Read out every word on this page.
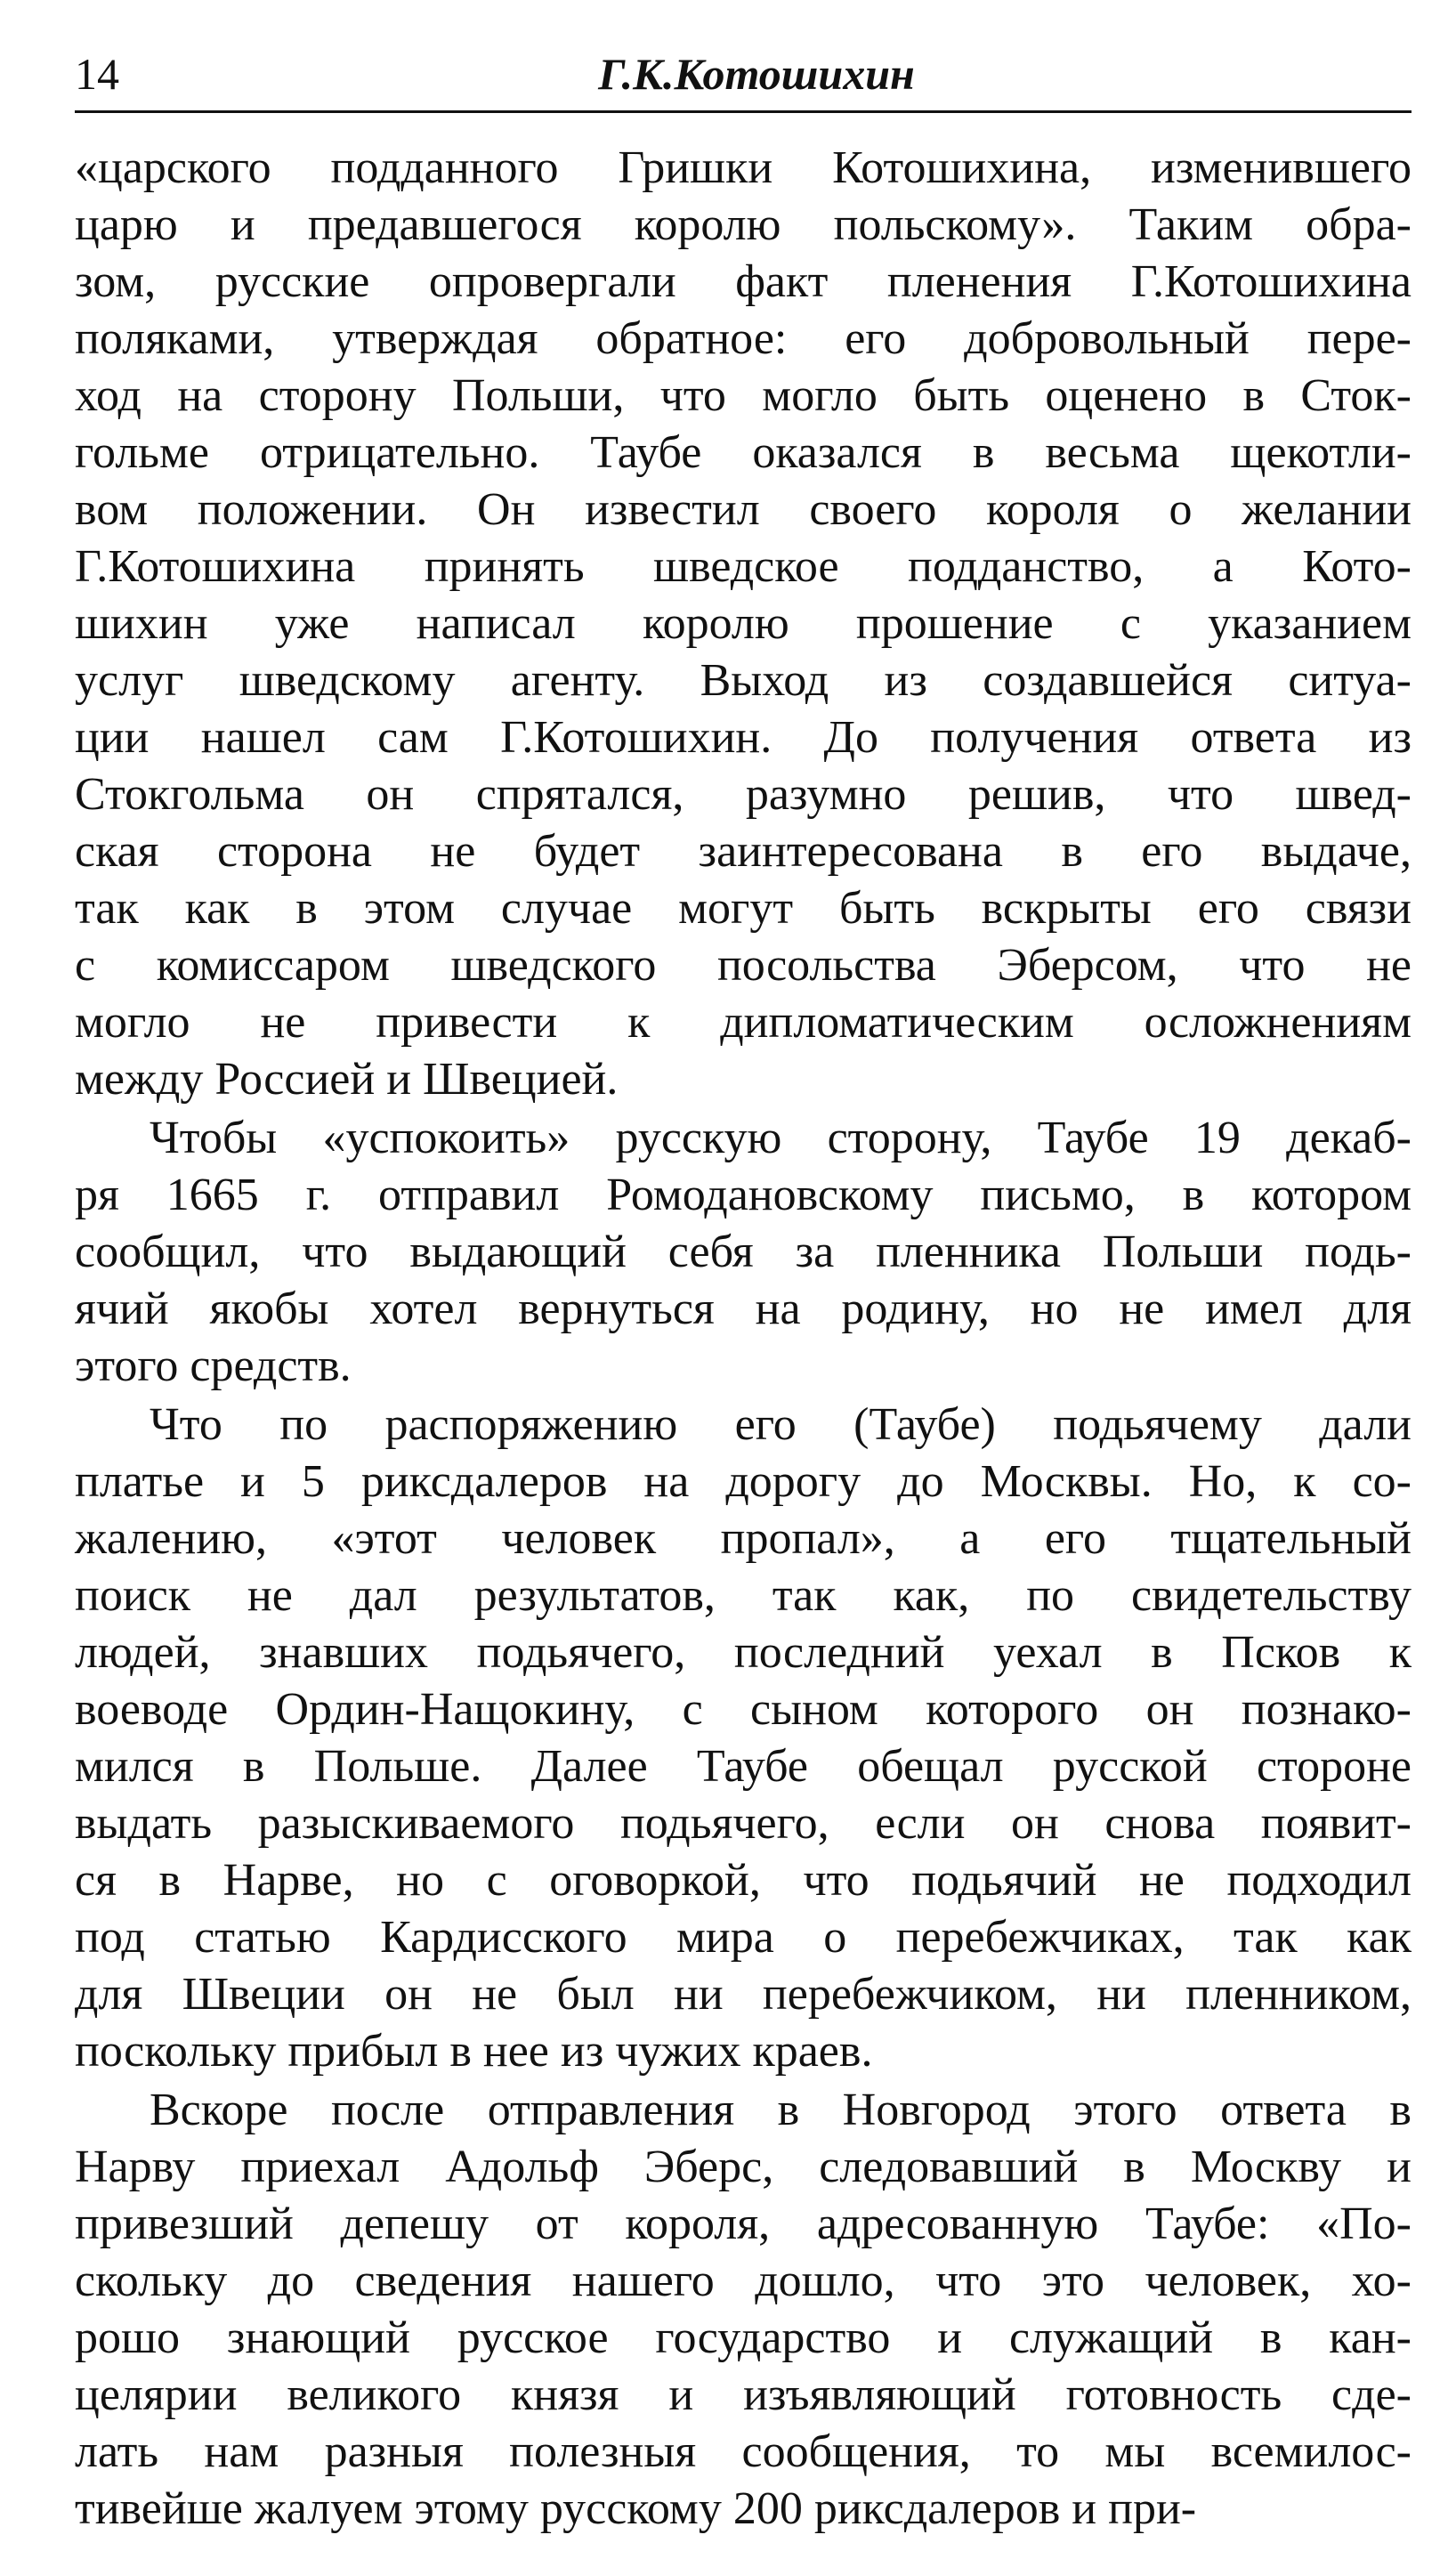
14	Г.К.Котошихин

«царского подданного Гришки Котошихина, изменившего
царю и предавшегося королю польскому». Таким обра-
зом, русские опровергали факт пленения Г.Котошихина
поляками, утверждая обратное: его добровольный пере-
ход на сторону Польши, что могло быть оценено в Сток-
гольме отрицательно. Таубе оказался в весьма щекотли-
вом положении. Он известил своего короля о желании
Г.Котошихина принять шведское подданство, а Кото-
шихин уже написал королю прошение с указанием
услуг шведскому агенту. Выход из создавшейся ситуа-
ции нашел сам Г.Котошихин. До получения ответа из
Стокгольма он спрятался, разумно решив, что швед-
ская сторона не будет заинтересована в его выдаче,
так как в этом случае могут быть вскрыты его связи
с комиссаром шведского посольства Эберсом, что не
могло не привести к дипломатическим осложнениям
между Россией и Швецией.

Чтобы «успокоить» русскую сторону, Таубе 19 декаб-
ря 1665 г. отправил Ромодановскому письмо, в котором
сообщил, что выдающий себя за пленника Польши подь-
ячий якобы хотел вернуться на родину, но не имел для
этого средств.

Что по распоряжению его (Таубе) подьячему дали
платье и 5 риксдалеров на дорогу до Москвы. Но, к со-
жалению, «этот человек пропал», а его тщательный
поиск не дал результатов, так как, по свидетельству
людей, знавших подьячего, последний уехал в Псков к
воеводе Ордин-Нащокину, с сыном которого он познако-
мился в Польше. Далее Таубе обещал русской стороне
выдать разыскиваемого подьячего, если он снова появит-
ся в Нарве, но с оговоркой, что подьячий не подходил
под статью Кардисского мира о перебежчиках, так как
для Швеции он не был ни перебежчиком, ни пленником,
поскольку прибыл в нее из чужих краев.

Вскоре после отправления в Новгород этого ответа в
Нарву приехал Адольф Эберс, следовавший в Москву и
привезший депешу от короля, адресованную Таубе: «По-
скольку до сведения нашего дошло, что это человек, хо-
рошо знающий русское государство и служащий в кан-
целярии великого князя и изъявляющий готовность сде-
лать нам разныя полезныя сообщения, то мы всемилос-
тивейше жалуем этому русскому 200 риксдалеров и при-
